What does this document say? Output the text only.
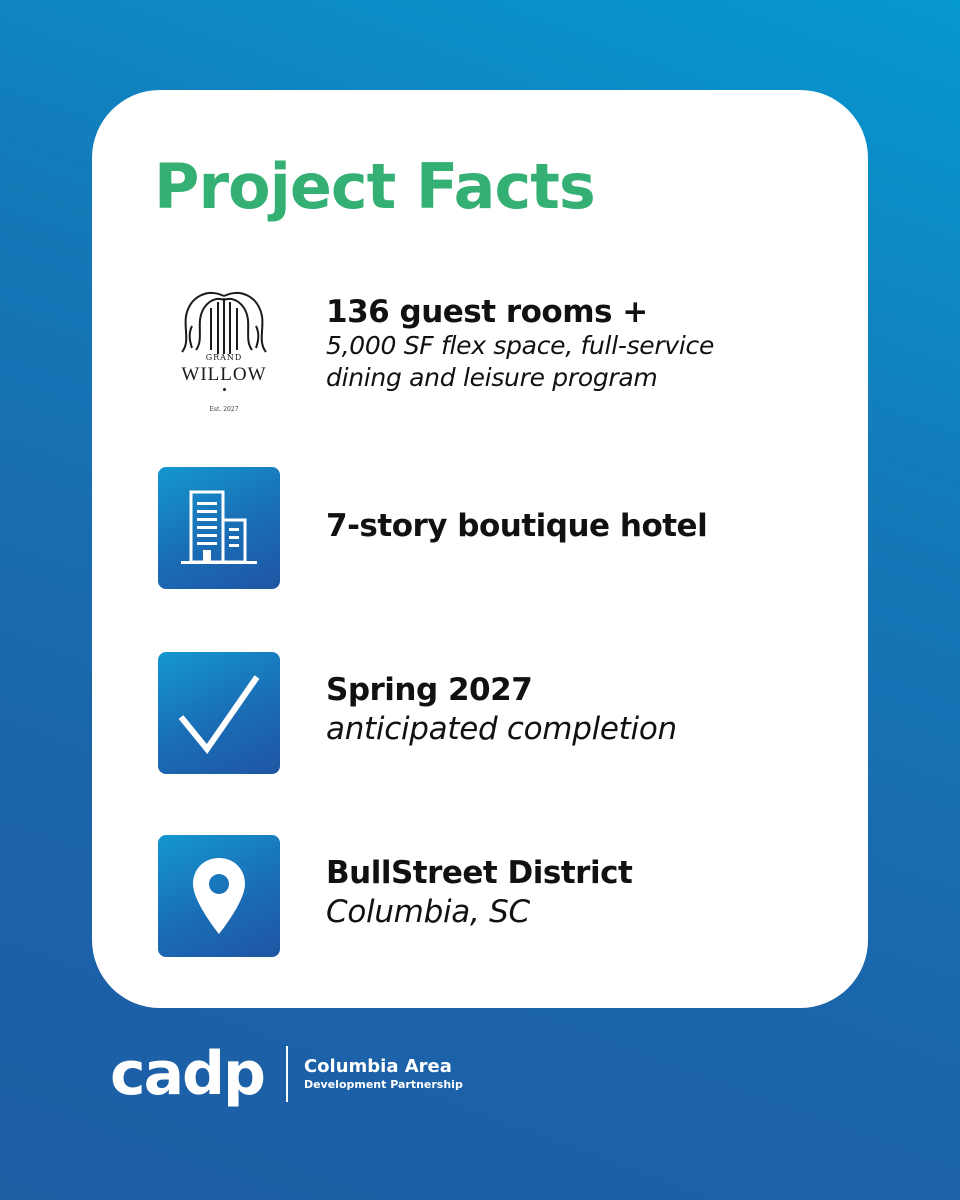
Project Facts
GRAND
WILLOW
Est. 2027
136 guest rooms +
5,000 SF flex space, full-service
dining and leisure program
7-story boutique hotel
Spring 2027
anticipated completion
BullStreet District
Columbia, SC
cadp Columbia Area
Development Partnership
